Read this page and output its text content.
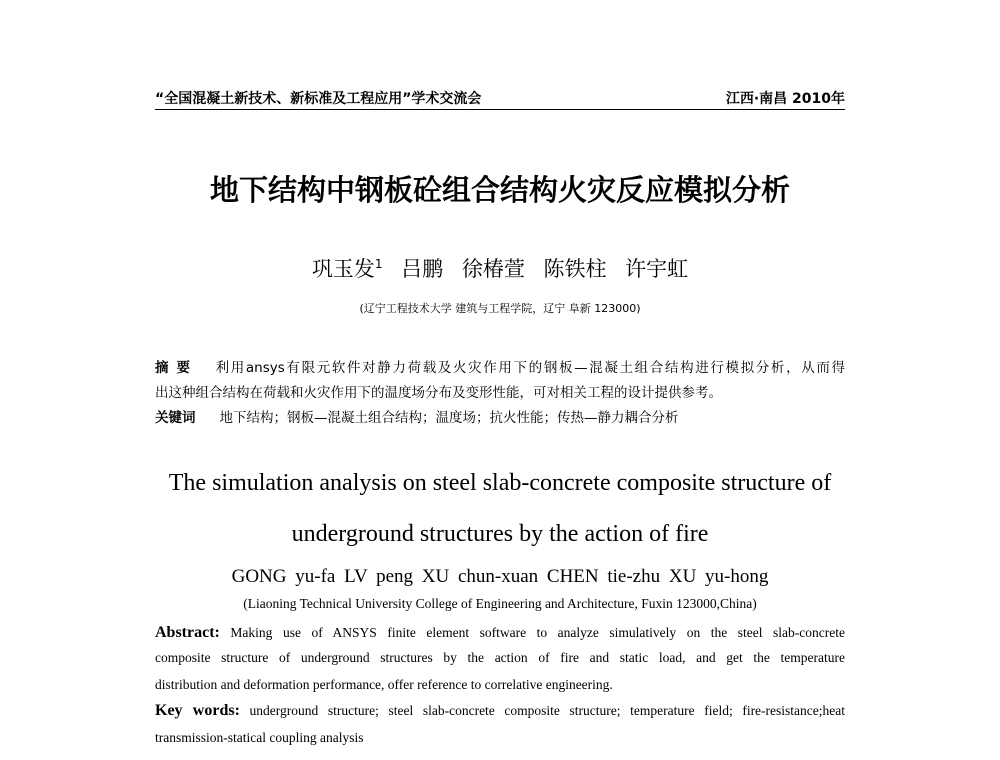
“全国混凝土新技术、新标准及工程应用”学术交流会	江西·南昌 2010年
地下结构中钢板砼组合结构火灾反应模拟分析
巩玉发$^1$ 吕鹏 徐椿萱 陈铁柱 许宇虹
(辽宁工程技术大学 建筑与工程学院，辽宁 阜新 123000)
摘 要 利用ansys有限元软件对静力荷载及火灾作用下的钢板—混凝土组合结构进行模拟分析，从而得
出这种组合结构在荷载和火灾作用下的温度场分布及变形性能，可对相关工程的设计提供参考。
关键词 地下结构；钢板—混凝土组合结构；温度场；抗火性能；传热—静力耦合分析
The simulation analysis on steel slab-concrete composite structure of
underground structures by the action of fire
GONG yu-fa LV peng XU chun-xuan CHEN tie-zhu XU yu-hong
(Liaoning Technical University College of Engineering and Architecture, Fuxin 123000,China)
Abstract: Making use of ANSYS finite element software to analyze simulatively on the steel slab-concrete
composite structure of underground structures by the action of fire and static load, and get the temperature
distribution and deformation performance, offer reference to correlative engineering.
Key words: underground structure; steel slab-concrete composite structure; temperature field; fire-resistance;heat
transmission-statical coupling analysis
